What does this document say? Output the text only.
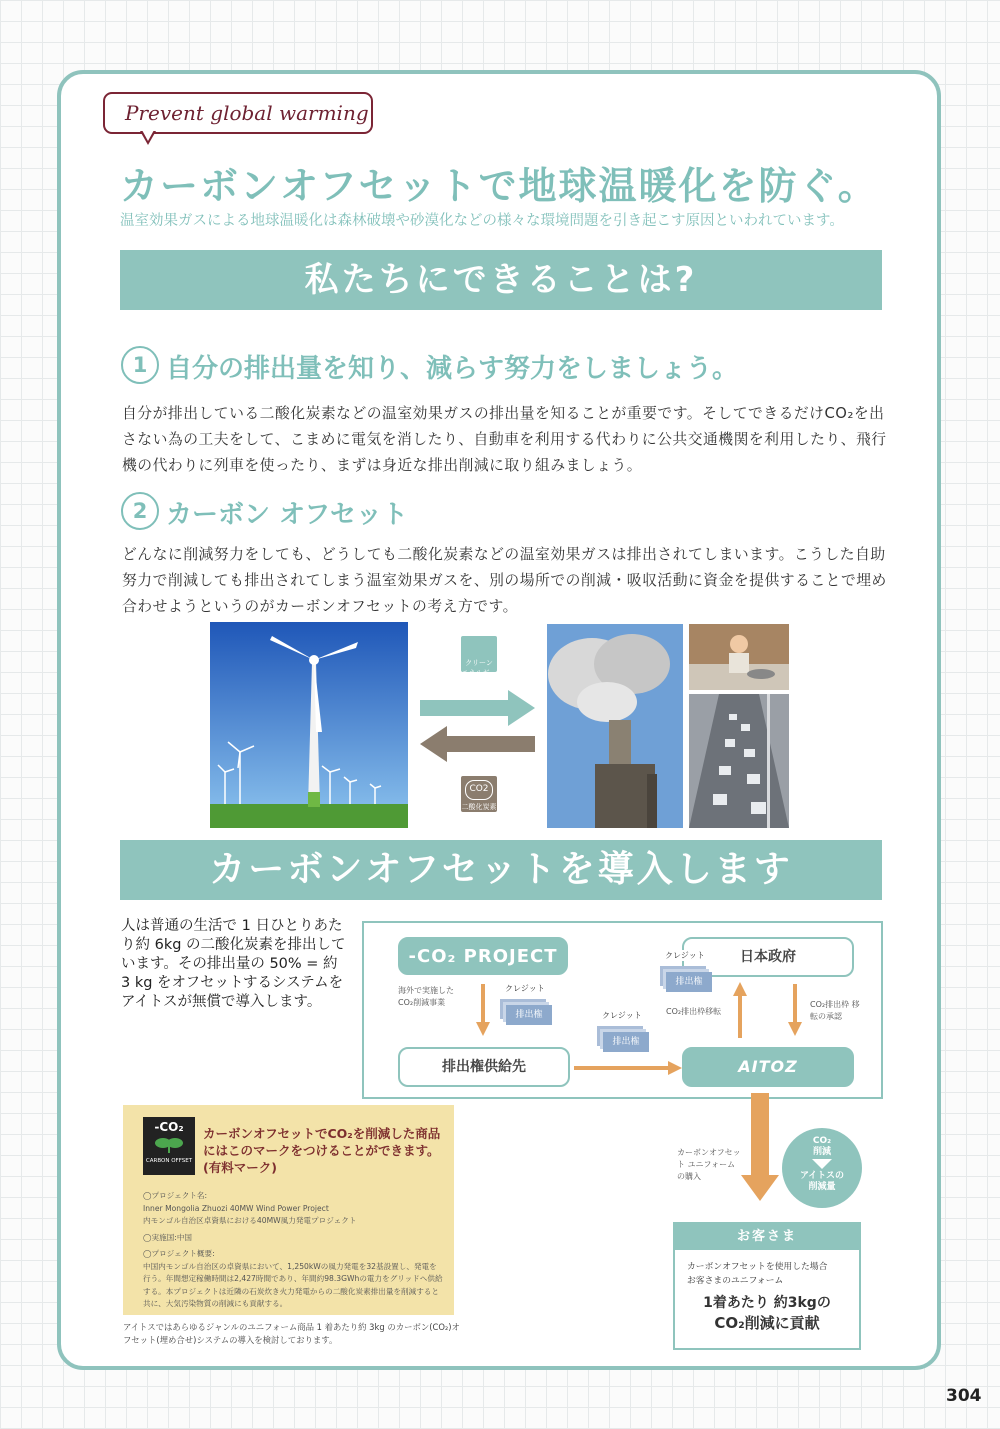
Prevent global warming
カーボンオフセットで地球温暖化を防ぐ。
温室効果ガスによる地球温暖化は森林破壊や砂漠化などの様々な環境問題を引き起こす原因といわれています。
私たちにできることは?
1 自分の排出量を知り、減らす努力をしましょう。
自分が排出している二酸化炭素などの温室効果ガスの排出量を知ることが重要です。そしてできるだけCO₂を出さない為の工夫をして、こまめに電気を消したり、自動車を利用する代わりに公共交通機関を利用したり、飛行機の代わりに列車を使ったり、まずは身近な排出削減に取り組みましょう。
2 カーボン オフセット
どんなに削減努力をしても、どうしても二酸化炭素などの温室効果ガスは排出されてしまいます。こうした自助努力で削減しても排出されてしまう温室効果ガスを、別の場所での削減・吸収活動に資金を提供することで埋め合わせようというのがカーボンオフセットの考え方です。
クリーン エネルギー
CO2
二酸化炭素
カーボンオフセットを導入します
人は普通の生活で 1 日ひとりあたり約 6kg の二酸化炭素を排出しています。その排出量の 50% = 約 3 kg をオフセットするシステムをアイトスが無償で導入します。
-CO₂ PROJECT
海外で実施した CO₂削減事業
クレジット
排出権
排出権供給先
クレジット
排出権
AITOZ
日本政府
クレジット
排出権
CO₂排出枠移転
CO₂排出枠 移転の承認
カーボンオフセット ユニフォームの購入
CO₂ 削減
アイトスの 削減量
-CO₂
CARBON OFFSET
カーボンオフセットでCO₂を削減した商品にはこのマークをつけることができます。(有料マーク)
◯プロジェクト名:
Inner Mongolia Zhuozi 40MW Wind Power Project
内モンゴル自治区卓資県における40MW風力発電プロジェクト
◯実施国:中国
◯プロジェクト概要:
中国内モンゴル自治区の卓資県において、1,250kWの風力発電を32基設置し、発電を行う。年間想定稼働時間は2,427時間であり、年間約98.3GWhの電力をグリッドへ供給する。本プロジェクトは近隣の石炭炊き火力発電からの二酸化炭素排出量を削減すると共に、大気汚染物質の削減にも貢献する。
アイトスではあらゆるジャンルのユニフォーム商品 1 着あたり約 3kg のカーボン(CO₂)オフセット(埋め合せ)システムの導入を検討しております。
お客さま
カーボンオフセットを使用した場合
お客さまのユニフォーム
1着あたり 約3kgの
CO₂削減に貢献
304
